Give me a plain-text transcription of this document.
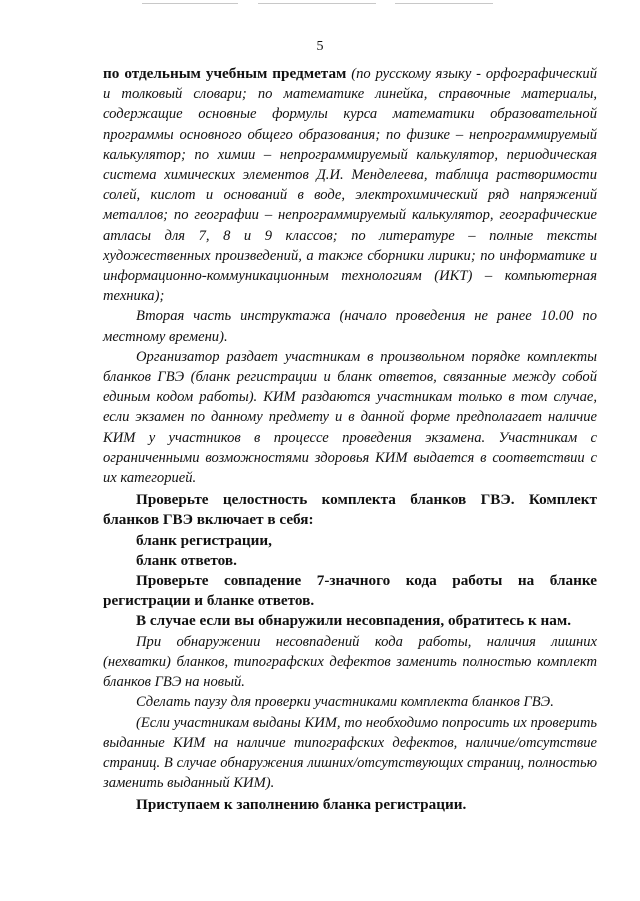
5

по отдельным учебным предметам (по русскому языку - орфографический и толковый словари; по математике линейка, справочные материалы, содержащие основные формулы курса математики образовательной программы основного общего образования; по физике – непрограммируемый калькулятор; по химии – непрограммируемый калькулятор, периодическая система химических элементов Д.И. Менделеева, таблица растворимости солей, кислот и оснований в воде, электрохимический ряд напряжений металлов; по географии – непрограммируемый калькулятор, географические атласы для 7, 8 и 9 классов; по литературе – полные тексты художественных произведений, а также сборники лирики; по информатике и информационно-коммуникационным технологиям (ИКТ) – компьютерная техника);

Вторая часть инструктажа (начало проведения не ранее 10.00 по местному времени).

Организатор раздает участникам в произвольном порядке комплекты бланков ГВЭ (бланк регистрации и бланк ответов, связанные между собой единым кодом работы). КИМ раздаются участникам только в том случае, если экзамен по данному предмету и в данной форме предполагает наличие КИМ у участников в процессе проведения экзамена. Участникам с ограниченными возможностями здоровья КИМ выдается в соответствии с их категорией.

Проверьте целостность комплекта бланков ГВЭ. Комплект бланков ГВЭ включает в себя:

бланк регистрации,

бланк ответов.

Проверьте совпадение 7-значного кода работы на бланке регистрации и бланке ответов.

В случае если вы обнаружили несовпадения, обратитесь к нам.

При обнаружении несовпадений кода работы, наличия лишних (нехватки) бланков, типографских дефектов заменить полностью комплект бланков ГВЭ на новый.

Сделать паузу для проверки участниками комплекта бланков ГВЭ.

(Если участникам выданы КИМ, то необходимо попросить их проверить выданные КИМ на наличие типографских дефектов, наличие/отсутствие страниц. В случае обнаружения лишних/отсутствующих страниц, полностью заменить выданный КИМ).

Приступаем к заполнению бланка регистрации.
